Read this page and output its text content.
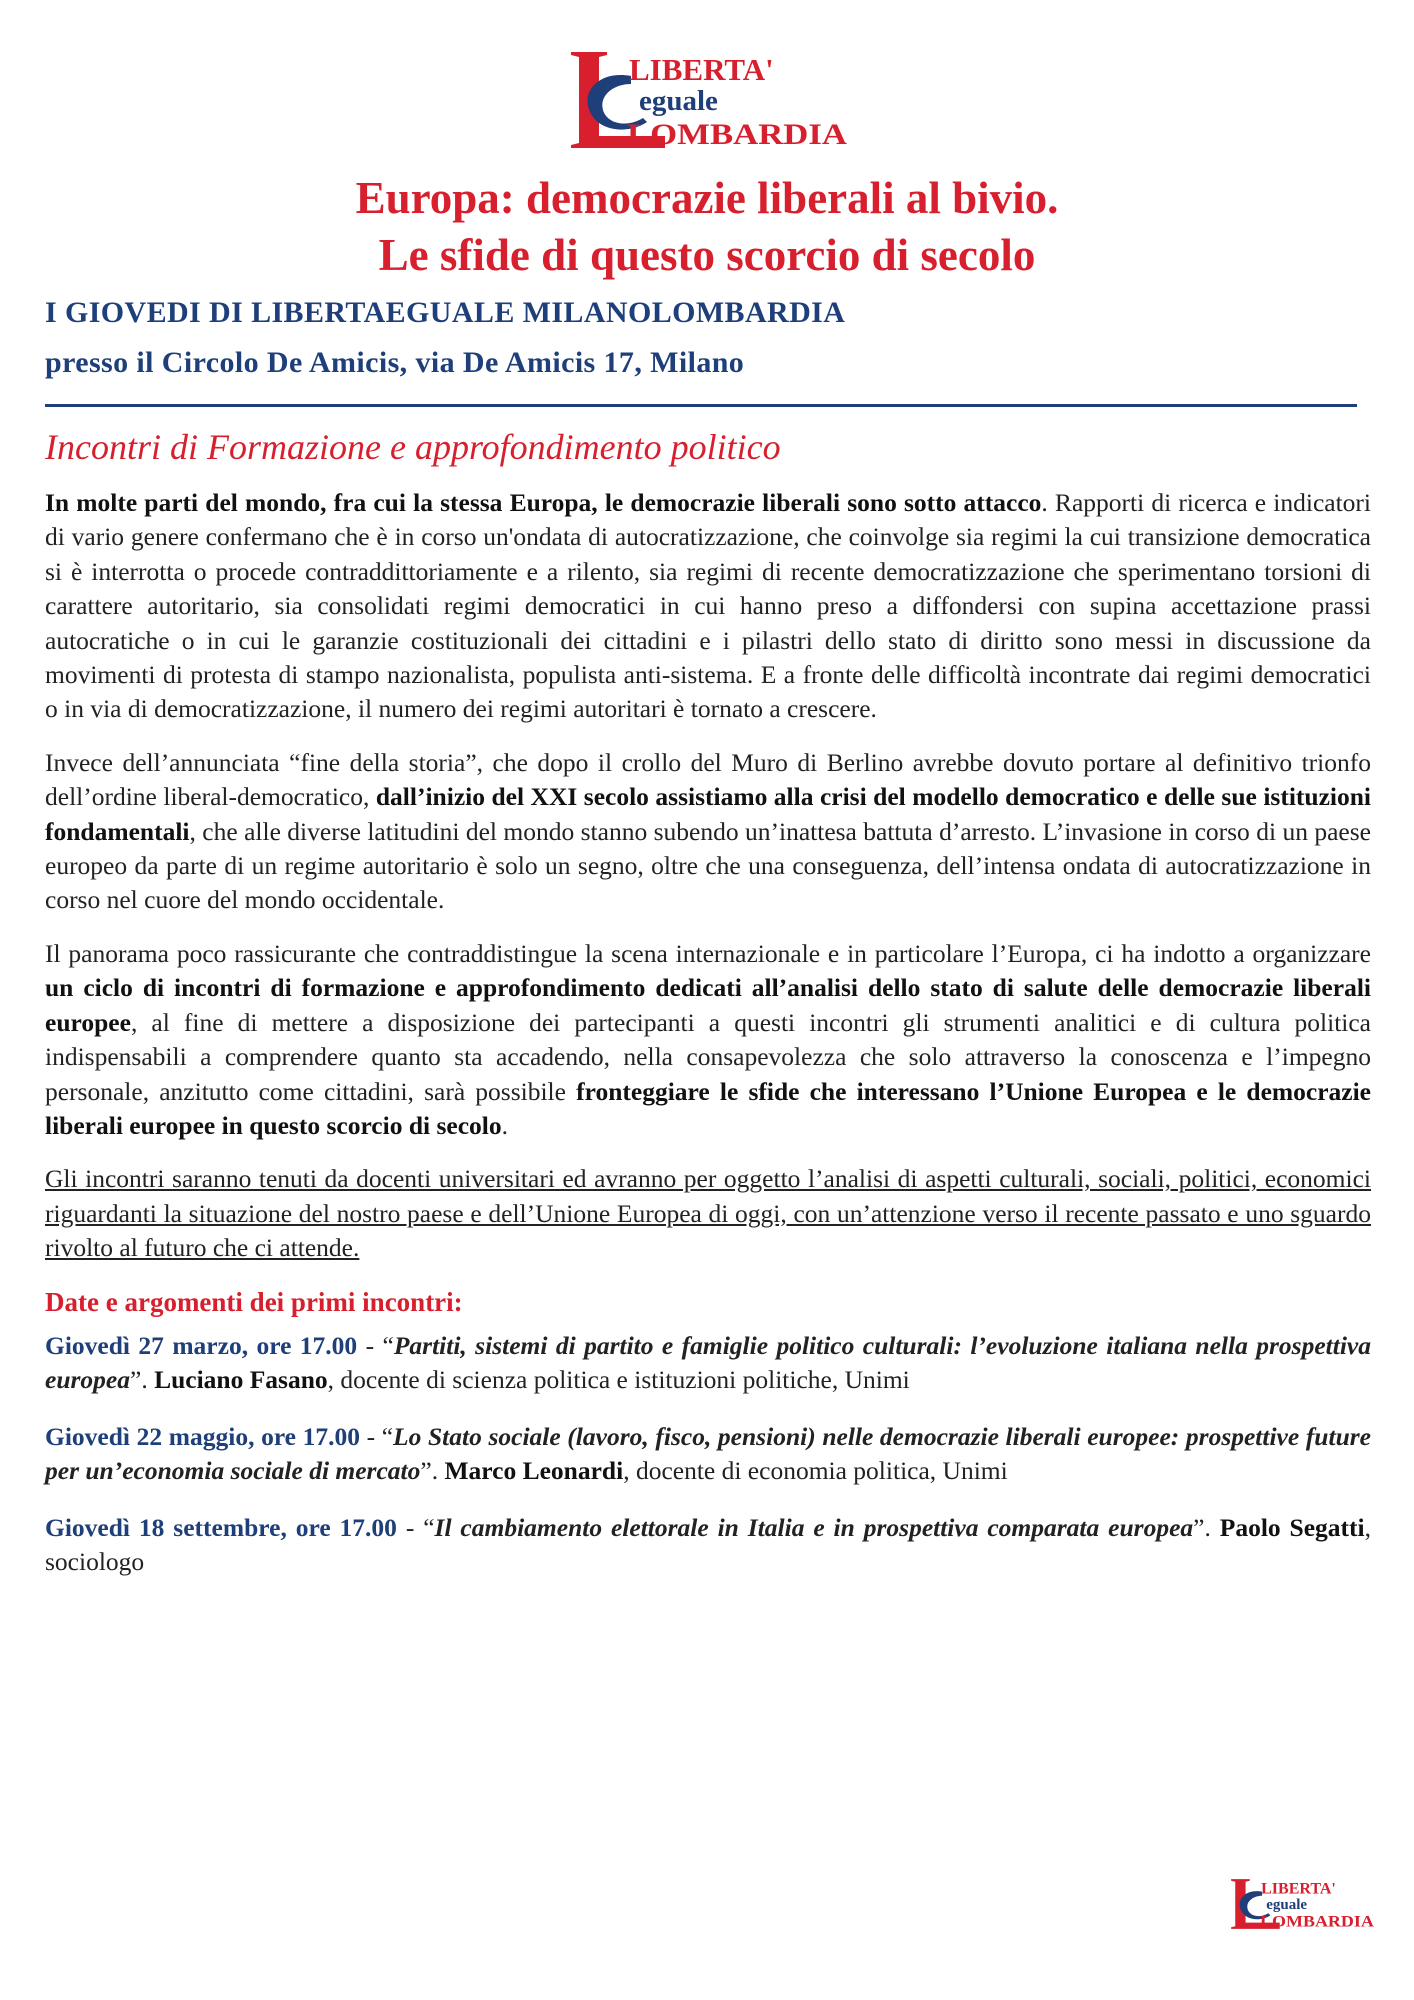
LIBERTA'
eguale
LOMBARDIA
Europa: democrazie liberali al bivio.
Le sfide di questo scorcio di secolo
I GIOVEDI DI LIBERTAEGUALE MILANOLOMBARDIA
presso il Circolo De Amicis, via De Amicis 17, Milano
Incontri di Formazione e approfondimento politico

In molte parti del mondo, fra cui la stessa Europa, le democrazie liberali sono sotto attacco. Rapporti di ricerca e indicatori di vario genere confermano che è in corso un'ondata di autocratizzazione, che coinvolge sia regimi la cui transizione democratica si è interrotta o procede contraddittoriamente e a rilento, sia regimi di recente democratizzazione che sperimentano torsioni di carattere autoritario, sia consolidati regimi democratici in cui hanno preso a diffondersi con supina accettazione prassi autocratiche o in cui le garanzie costituzionali dei cittadini e i pilastri dello stato di diritto sono messi in discussione da movimenti di protesta di stampo nazionalista, populista anti-sistema. E a fronte delle difficoltà incontrate dai regimi democratici o in via di democratizzazione, il numero dei regimi autoritari è tornato a crescere.

Invece dell’annunciata “fine della storia”, che dopo il crollo del Muro di Berlino avrebbe dovuto portare al definitivo trionfo dell’ordine liberal-democratico, dall’inizio del XXI secolo assistiamo alla crisi del modello democratico e delle sue istituzioni fondamentali, che alle diverse latitudini del mondo stanno subendo un’inattesa battuta d’arresto. L’invasione in corso di un paese europeo da parte di un regime autoritario è solo un segno, oltre che una conseguenza, dell’intensa ondata di autocratizzazione in corso nel cuore del mondo occidentale.

Il panorama poco rassicurante che contraddistingue la scena internazionale e in particolare l’Europa, ci ha indotto a organizzare un ciclo di incontri di formazione e approfondimento dedicati all’analisi dello stato di salute delle democrazie liberali europee, al fine di mettere a disposizione dei partecipanti a questi incontri gli strumenti analitici e di cultura politica indispensabili a comprendere quanto sta accadendo, nella consapevolezza che solo attraverso la conoscenza e l’impegno personale, anzitutto come cittadini, sarà possibile fronteggiare le sfide che interessano l’Unione Europea e le democrazie liberali europee in questo scorcio di secolo.

Gli incontri saranno tenuti da docenti universitari ed avranno per oggetto l’analisi di aspetti culturali, sociali, politici, economici riguardanti la situazione del nostro paese e dell’Unione Europea di oggi, con un’attenzione verso il recente passato e uno sguardo rivolto al futuro che ci attende.

Date e argomenti dei primi incontri:
Giovedì 27 marzo, ore 17.00 - “Partiti, sistemi di partito e famiglie politico culturali: l’evoluzione italiana nella prospettiva europea”. Luciano Fasano, docente di scienza politica e istituzioni politiche, Unimi
Giovedì 22 maggio, ore 17.00 - “Lo Stato sociale (lavoro, fisco, pensioni) nelle democrazie liberali europee: prospettive future per un’economia sociale di mercato”. Marco Leonardi, docente di economia politica, Unimi
Giovedì 18 settembre, ore 17.00 - “Il cambiamento elettorale in Italia e in prospettiva comparata europea”. Paolo Segatti, sociologo
LIBERTA'
eguale
LOMBARDIA
